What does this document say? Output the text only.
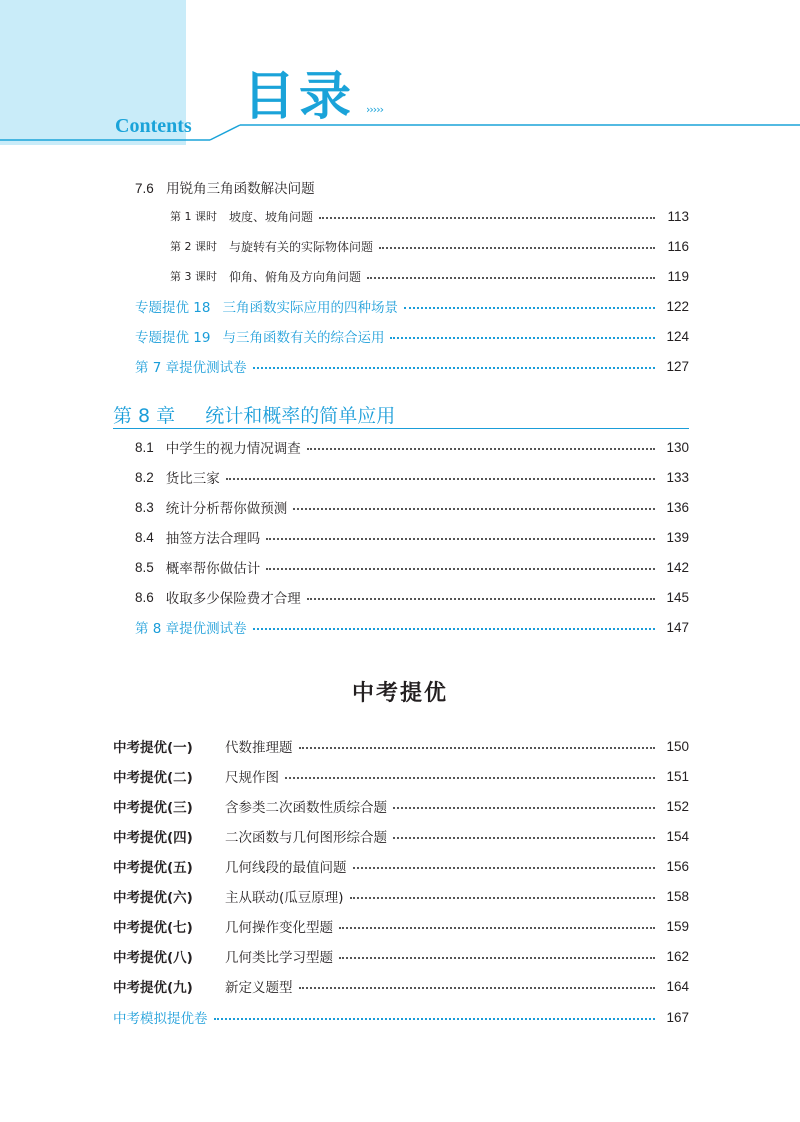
目录 ›››››
Contents
7.6 用锐角三角函数解决问题
第 1 课时 坡度、坡角问题	113
第 2 课时 与旋转有关的实际物体问题	116
第 3 课时 仰角、俯角及方向角问题	119
专题提优 18 三角函数实际应用的四种场景	122
专题提优 19 与三角函数有关的综合运用	124
第 7 章提优测试卷	127
第 8 章 统计和概率的简单应用
8.1 中学生的视力情况调查	130
8.2 货比三家	133
8.3 统计分析帮你做预测	136
8.4 抽签方法合理吗	139
8.5 概率帮你做估计	142
8.6 收取多少保险费才合理	145
第 8 章提优测试卷	147
中考提优
中考提优(一)	代数推理题	150
中考提优(二)	尺规作图	151
中考提优(三)	含参类二次函数性质综合题	152
中考提优(四)	二次函数与几何图形综合题	154
中考提优(五)	几何线段的最值问题	156
中考提优(六)	主从联动(瓜豆原理)	158
中考提优(七)	几何操作变化型题	159
中考提优(八)	几何类比学习型题	162
中考提优(九)	新定义题型	164
中考模拟提优卷	167
